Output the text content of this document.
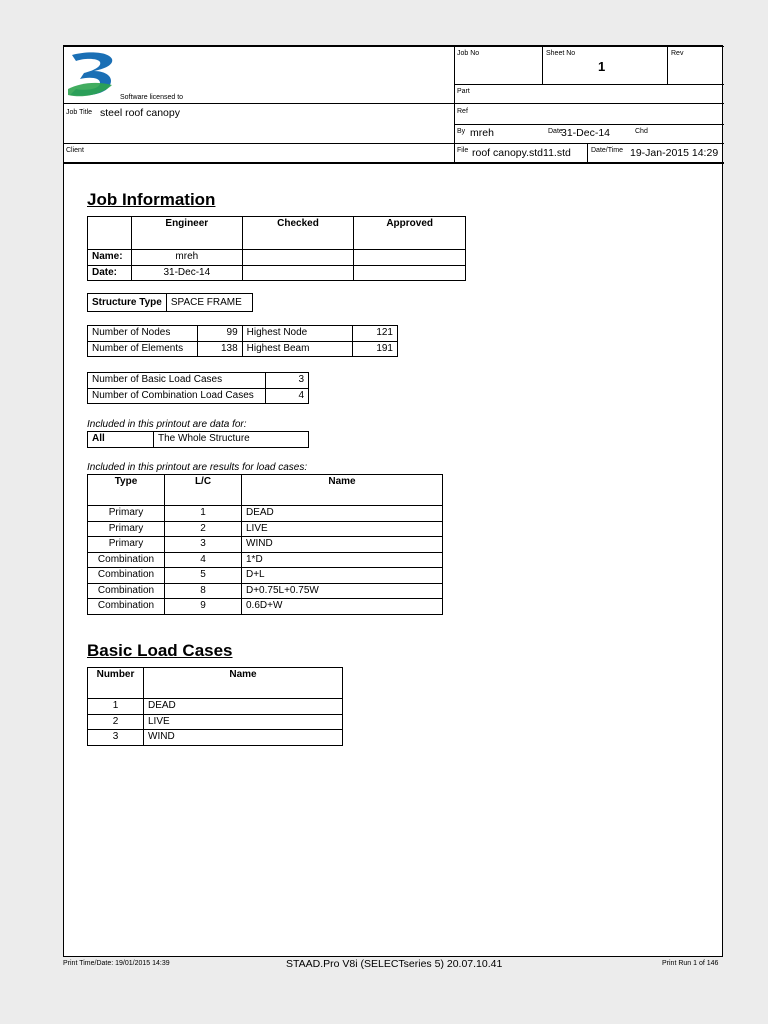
Software licensed to
Job No	Sheet No
1
Rev
Part
Job Title steel roof canopy	Ref
By mreh	Date
31-Dec-14	Chd
Client	File roof canopy.std11.std	Date/Time 19-Jan-2015 14:29
Job Information
	Engineer	Checked	Approved
Name:	mreh		
Date:	31-Dec-14		
Structure Type	SPACE FRAME
Number of Nodes	99	Highest Node	121
Number of Elements	138	Highest Beam	191
Number of Basic Load Cases	3
Number of Combination Load Cases	4
Included in this printout are data for:
All	The Whole Structure
Included in this printout are results for load cases:
Type	L/C	Name
Primary	1	DEAD
Primary	2	LIVE
Primary	3	WIND
Combination	4	1*D
Combination	5	D+L
Combination	8	D+0.75L+0.75W
Combination	9	0.6D+W
Basic Load Cases
Number	Name
1	DEAD
2	LIVE
3	WIND
Print Time/Date: 19/01/2015 14:39	STAAD.Pro V8i (SELECTseries 5) 20.07.10.41	Print Run 1 of 146
